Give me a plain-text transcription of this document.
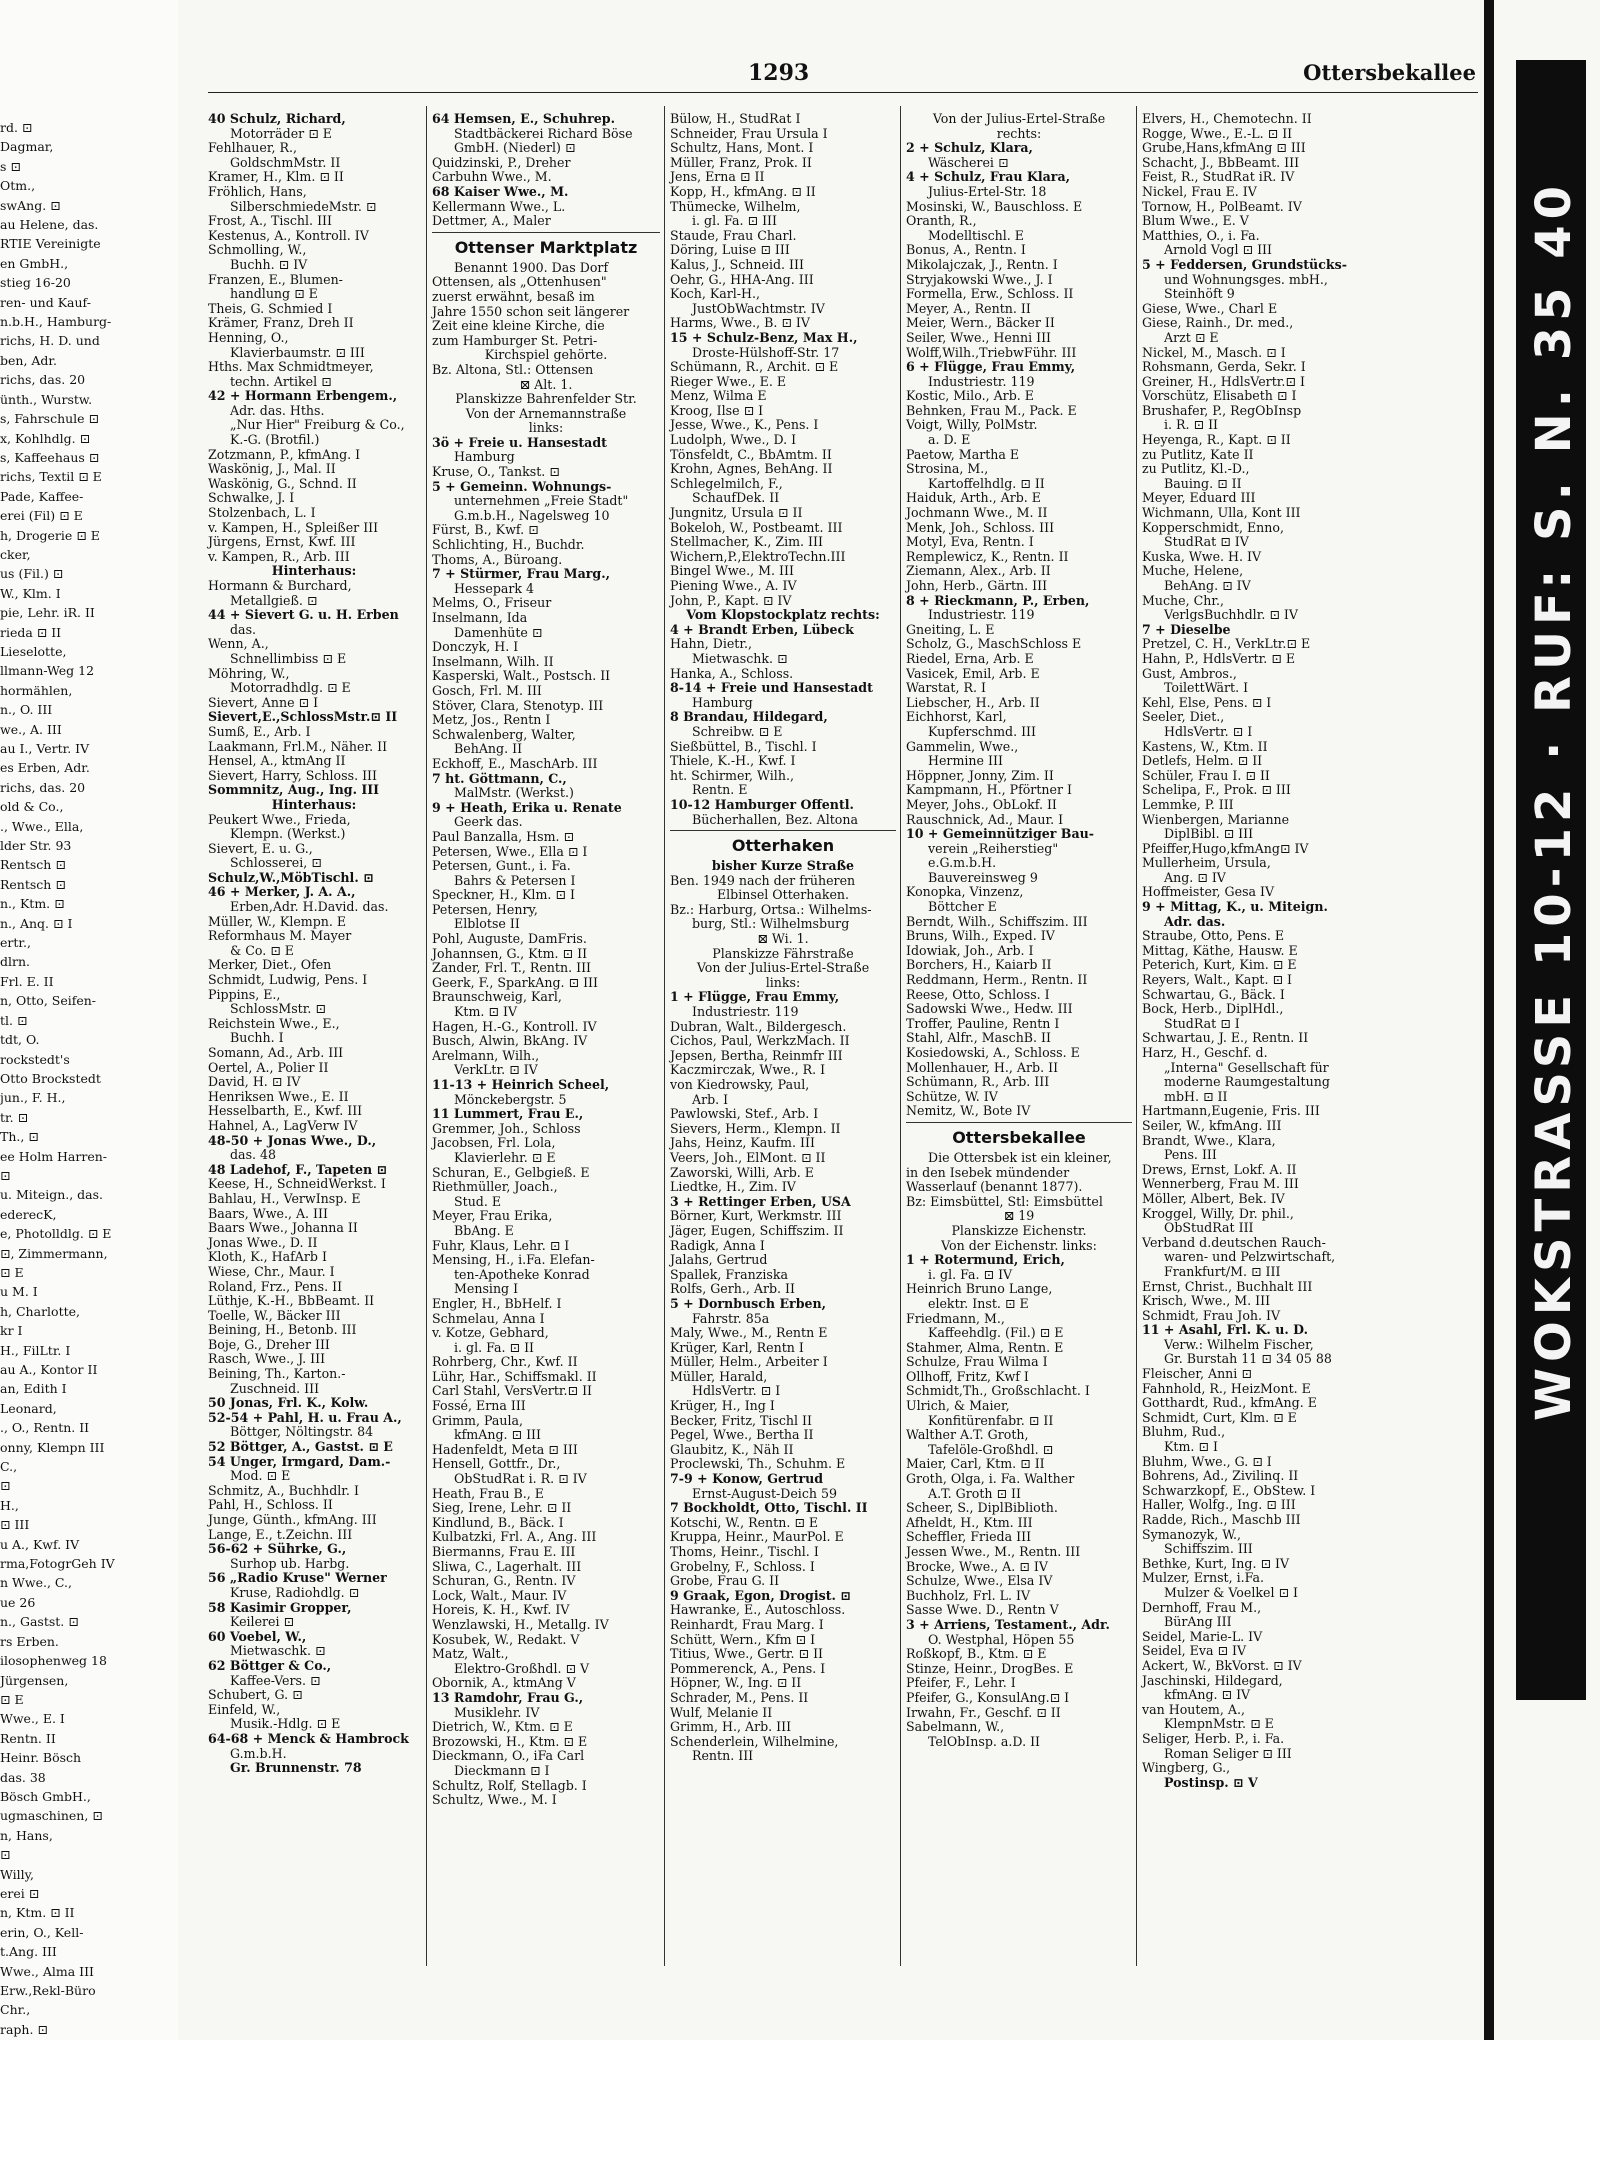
rd. ⊡
Dagmar,
s ⊡
Otm.,
swAng. ⊡
au Helene, das.
RTIE Vereinigte
en GmbH.,
stieg 16-20
ren- und Kauf-
n.b.H., Hamburg-
richs, H. D. und
ben, Adr.
richs, das. 20
ünth., Wurstw.
s, Fahrschule ⊡
x, Kohlhdlg. ⊡
s, Kaffeehaus ⊡
richs, Textil ⊡ E
Pade, Kaffee-
erei (Fil) ⊡ E
h, Drogerie ⊡ E
cker,
us (Fil.) ⊡
W., Klm. I
pie, Lehr. iR. II
rieda ⊡ II
Lieselotte,
llmann-Weg 12
hormählen,
n., O. III
we., A. III
au I., Vertr. IV
es Erben, Adr.
richs, das. 20
old & Co.,
., Wwe., Ella,
lder Str. 93
Rentsch ⊡
Rentsch ⊡
n., Ktm. ⊡
n., Anq. ⊡ I
ertr.,
dlrn.
Frl. E. II
n, Otto, Seifen-
tl. ⊡
tdt, O.
rockstedt's
Otto Brockstedt
jun., F. H.,
tr. ⊡
Th., ⊡
ee Holm Harren-
⊡
u. Miteign., das.
ederecK,
e, Photolldlg. ⊡ E
⊡, Zimmermann,
⊡ E
u M. I
h, Charlotte,
kr I
H., FilLtr. I
au A., Kontor II
an, Edith I
Leonard,
., O., Rentn. II
onny, Klempn III
C.,
⊡
H.,
⊡ III
u A., Kwf. IV
rma,FotogrGeh IV
n Wwe., C.,
ue 26
n., Gastst. ⊡
rs Erben.
ilosophenweg 18
Jürgensen,
⊡ E
Wwe., E. I
Rentn. II
Heinr. Bösch
das. 38
Bösch GmbH.,
ugmaschinen, ⊡
n, Hans,
⊡
Willy,
erei ⊡
n, Ktm. ⊡ II
erin, O., Kell-
t.Ang. III
Wwe., Alma III
Erw.,Rekl-Büro
Chr.,
raph. ⊡
1293	Ottersbekallee
40 Schulz, Richard,
Motorräder ⊡ E
Fehlhauer, R.,
GoldschmMstr. II
Kramer, H., Klm. ⊡ II
Fröhlich, Hans,
SilberschmiedeMstr. ⊡
Frost, A., Tischl. III
Kestenus, A., Kontroll. IV
Schmolling, W.,
Buchh. ⊡ IV
Franzen, E., Blumen-
handlung ⊡ E
Theis, G. Schmied I
Krämer, Franz, Dreh II
Henning, O.,
Klavierbaumstr. ⊡ III
Hths. Max Schmidtmeyer,
techn. Artikel ⊡
42 + Hormann Erbengem.,
Adr. das. Hths.
„Nur Hier" Freiburg & Co.,
K.-G. (Brotfil.)
Zotzmann, P., kfmAng. I
Waskönig, J., Mal. II
Waskönig, G., Schnd. II
Schwalke, J. I
Stolzenbach, L. I
v. Kampen, H., Spleißer III
Jürgens, Ernst, Kwf. III
v. Kampen, R., Arb. III
Hinterhaus:
Hormann & Burchard,
Metallgieß. ⊡
44 + Sievert G. u. H. Erben
das.
Wenn, A.,
Schnellimbiss ⊡ E
Möhring, W.,
Motorradhdlg. ⊡ E
Sievert, Anne ⊡ I
Sievert,E.,SchlossMstr.⊡ II
Sumß, E., Arb. I
Laakmann, Frl.M., Näher. II
Hensel, A., ktmAng II
Sievert, Harry, Schloss. III
Sommnitz, Aug., Ing. III
Hinterhaus:
Peukert Wwe., Frieda,
Klempn. (Werkst.)
Sievert, E. u. G.,
Schlosserei, ⊡
Schulz,W.,MöbTischl. ⊡
46 + Merker, J. A. A.,
Erben,Adr. H.David. das.
Müller, W., Klempn. E
Reformhaus M. Mayer
& Co. ⊡ E
Merker, Diet., Ofen
Schmidt, Ludwig, Pens. I
Pippins, E.,
SchlossMstr. ⊡
Reichstein Wwe., E.,
Buchh. I
Somann, Ad., Arb. III
Oertel, A., Polier II
David, H. ⊡ IV
Henriksen Wwe., E. II
Hesselbarth, E., Kwf. III
Hahnel, A., LagVerw IV
48-50 + Jonas Wwe., D.,
das. 48
48 Ladehof, F., Tapeten ⊡
Keese, H., SchneidWerkst. I
Bahlau, H., VerwInsp. E
Baars, Wwe., A. III
Baars Wwe., Johanna II
Jonas Wwe., D. II
Kloth, K., HafArb I
Wiese, Chr., Maur. I
Roland, Frz., Pens. II
Lüthje, K.-H., BbBeamt. II
Toelle, W., Bäcker III
Beining, H., Betonb. III
Boje, G., Dreher III
Rasch, Wwe., J. III
Beining, Th., Karton.-
Zuschneid. III
50 Jonas, Frl. K., Kolw.
52-54 + Pahl, H. u. Frau A.,
Böttger, Nöltingstr. 84
52 Böttger, A., Gastst. ⊡ E
54 Unger, Irmgard, Dam.-
Mod. ⊡ E
Schmitz, A., Buchhdlr. I
Pahl, H., Schloss. II
Junge, Günth., kfmAng. III
Lange, E., t.Zeichn. III
56-62 + Sührke, G.,
Surhop ub. Harbg.
56 „Radio Kruse" Werner
Kruse, Radiohdlg. ⊡
58 Kasimir Gropper,
Keilerei ⊡
60 Voebel, W.,
Mietwaschk. ⊡
62 Böttger & Co.,
Kaffee-Vers. ⊡
Schubert, G. ⊡
Einfeld, W.,
Musik.-Hdlg. ⊡ E
64-68 + Menck & Hambrock
G.m.b.H.
Gr. Brunnenstr. 78
64 Hemsen, E., Schuhrep.
Stadtbäckerei Richard Böse
GmbH. (Niederl) ⊡
Quidzinski, P., Dreher
Carbuhn Wwe., M.
68 Kaiser Wwe., M.
Kellermann Wwe., L.
Dettmer, A., Maler
Ottenser Marktplatz
Benannt 1900. Das Dorf
Ottensen, als „Ottenhusen"
zuerst erwähnt, besaß im
Jahre 1550 schon seit längerer
Zeit eine kleine Kirche, die
zum Hamburger St. Petri-
Kirchspiel gehörte.
Bz. Altona, Stl.: Ottensen
⊠ Alt. 1.
Planskizze Bahrenfelder Str.
Von der Arnemannstraße
links:
3ö + Freie u. Hansestadt
Hamburg
Kruse, O., Tankst. ⊡
5 + Gemeinn. Wohnungs-
unternehmen „Freie Stadt"
G.m.b.H., Nagelsweg 10
Fürst, B., Kwf. ⊡
Schlichting, H., Buchdr.
Thoms, A., Büroang.
7 + Stürmer, Frau Marg.,
Hessepark 4
Melms, O., Friseur
Inselmann, Ida
Damenhüte ⊡
Donczyk, H. I
Inselmann, Wilh. II
Kasperski, Walt., Postsch. II
Gosch, Frl. M. III
Stöver, Clara, Stenotyp. III
Metz, Jos., Rentn I
Schwalenberg, Walter,
BehAng. II
Eckhoff, E., MaschArb. III
7 ht. Göttmann, C.,
MalMstr. (Werkst.)
9 + Heath, Erika u. Renate
Geerk das.
Paul Banzalla, Hsm. ⊡
Petersen, Wwe., Ella ⊡ I
Petersen, Gunt., i. Fa.
Bahrs & Petersen I
Speckner, H., Klm. ⊡ I
Petersen, Henry,
Elblotse II
Pohl, Auguste, DamFris.
Johannsen, G., Ktm. ⊡ II
Zander, Frl. T., Rentn. III
Geerk, F., SparkAng. ⊡ III
Braunschweig, Karl,
Ktm. ⊡ IV
Hagen, H.-G., Kontroll. IV
Busch, Alwin, BkAng. IV
Arelmann, Wilh.,
VerkLtr. ⊡ IV
11-13 + Heinrich Scheel,
Mönckebergstr. 5
11 Lummert, Frau E.,
Gremmer, Joh., Schloss
Jacobsen, Frl. Lola,
Klavierlehr. ⊡ E
Schuran, E., Gelbgieß. E
Riethmüller, Joach.,
Stud. E
Meyer, Frau Erika,
BbAng. E
Fuhr, Klaus, Lehr. ⊡ I
Mensing, H., i.Fa. Elefan-
ten-Apotheke Konrad
Mensing I
Engler, H., BbHelf. I
Schmelau, Anna I
v. Kotze, Gebhard,
i. gl. Fa. ⊡ II
Rohrberg, Chr., Kwf. II
Lühr, Har., Schiffsmakl. II
Carl Stahl, VersVertr.⊡ II
Fossé, Erna III
Grimm, Paula,
kfmAng. ⊡ III
Hadenfeldt, Meta ⊡ III
Hensell, Gottfr., Dr.,
ObStudRat i. R. ⊡ IV
Heath, Frau B., E
Sieg, Irene, Lehr. ⊡ II
Kindlund, B., Bäck. I
Kulbatzki, Frl. A., Ang. III
Biermanns, Frau E. III
Sliwa, C., Lagerhalt. III
Schuran, G., Rentn. IV
Lock, Walt., Maur. IV
Horeis, K. H., Kwf. IV
Wenzlawski, H., Metallg. IV
Kosubek, W., Redakt. V
Matz, Walt.,
Elektro-Großhdl. ⊡ V
Obornik, A., ktmAng V
13 Ramdohr, Frau G.,
Musiklehr. IV
Dietrich, W., Ktm. ⊡ E
Brozowski, H., Ktm. ⊡ E
Dieckmann, O., iFa Carl
Dieckmann ⊡ I
Schultz, Rolf, Stellagb. I
Schultz, Wwe., M. I
Bülow, H., StudRat I
Schneider, Frau Ursula I
Schultz, Hans, Mont. I
Müller, Franz, Prok. II
Jens, Erna ⊡ II
Kopp, H., kfmAng. ⊡ II
Thümecke, Wilhelm,
i. gl. Fa. ⊡ III
Staude, Frau Charl.
Döring, Luise ⊡ III
Kalus, J., Schneid. III
Oehr, G., HHA-Ang. III
Koch, Karl-H.,
JustObWachtmstr. IV
Harms, Wwe., B. ⊡ IV
15 + Schulz-Benz, Max H.,
Droste-Hülshoff-Str. 17
Schümann, R., Archit. ⊡ E
Rieger Wwe., E. E
Menz, Wilma E
Kroog, Ilse ⊡ I
Jesse, Wwe., K., Pens. I
Ludolph, Wwe., D. I
Tönsfeldt, C., BbAmtm. II
Krohn, Agnes, BehAng. II
Schlegelmilch, F.,
SchaufDek. II
Jungnitz, Ursula ⊡ II
Bokeloh, W., Postbeamt. III
Stellmacher, K., Zim. III
Wichern,P.,ElektroTechn.III
Bingel Wwe., M. III
Piening Wwe., A. IV
John, P., Kapt. ⊡ IV
Vom Klopstockplatz rechts:
4 + Brandt Erben, Lübeck
Hahn, Dietr.,
Mietwaschk. ⊡
Hanka, A., Schloss.
8-14 + Freie und Hansestadt
Hamburg
8 Brandau, Hildegard,
Schreibw. ⊡ E
Sießbüttel, B., Tischl. I
Thiele, K.-H., Kwf. I
ht. Schirmer, Wilh.,
Rentn. E
10-12 Hamburger Offentl.
Bücherhallen, Bez. Altona
Otterhaken
bisher Kurze Straße
Ben. 1949 nach der früheren
Elbinsel Otterhaken.
Bz.: Harburg, Ortsa.: Wilhelms-
burg, Stl.: Wilhelmsburg
⊠ Wi. 1.
Planskizze Fährstraße
Von der Julius-Ertel-Straße
links:
1 + Flügge, Frau Emmy,
Industriestr. 119
Dubran, Walt., Bildergesch.
Cichos, Paul, WerkzMach. II
Jepsen, Bertha, Reinmfr III
Kaczmirczak, Wwe., R. I
von Kiedrowsky, Paul,
Arb. I
Pawlowski, Stef., Arb. I
Sievers, Herm., Klempn. II
Jahs, Heinz, Kaufm. III
Veers, Joh., ElMont. ⊡ II
Zaworski, Willi, Arb. E
Liedtke, H., Zim. IV
3 + Rettinger Erben, USA
Börner, Kurt, Werkmstr. III
Jäger, Eugen, Schiffszim. II
Radigk, Anna I
Jalahs, Gertrud
Spallek, Franziska
Rolfs, Gerh., Arb. II
5 + Dornbusch Erben,
Fahrstr. 85a
Maly, Wwe., M., Rentn E
Krüger, Karl, Rentn I
Müller, Helm., Arbeiter I
Müller, Harald,
HdlsVertr. ⊡ I
Krüger, H., Ing I
Becker, Fritz, Tischl II
Pegel, Wwe., Bertha II
Glaubitz, K., Näh II
Proclewski, Th., Schuhm. E
7-9 + Konow, Gertrud
Ernst-August-Deich 59
7 Bockholdt, Otto, Tischl. II
Kotschi, W., Rentn. ⊡ E
Kruppa, Heinr., MaurPol. E
Thoms, Heinr., Tischl. I
Grobelny, F., Schloss. I
Grobe, Frau G. II
9 Graak, Egon, Drogist. ⊡
Hawranke, E., Autoschloss.
Reinhardt, Frau Marg. I
Schütt, Wern., Kfm ⊡ I
Titius, Wwe., Gertr. ⊡ II
Pommerenck, A., Pens. I
Höpner, W., Ing. ⊡ II
Schrader, M., Pens. II
Wulf, Melanie II
Grimm, H., Arb. III
Schenderlein, Wilhelmine,
Rentn. III
Von der Julius-Ertel-Straße
rechts:
2 + Schulz, Klara,
Wäscherei ⊡
4 + Schulz, Frau Klara,
Julius-Ertel-Str. 18
Mosinski, W., Bauschloss. E
Oranth, R.,
Modelltischl. E
Bonus, A., Rentn. I
Mikolajczak, J., Rentn. I
Stryjakowski Wwe., J. I
Formella, Erw., Schloss. II
Meyer, A., Rentn. II
Meier, Wern., Bäcker II
Seiler, Wwe., Henni III
Wolff,Wilh.,TriebwFühr. III
6 + Flügge, Frau Emmy,
Industriestr. 119
Kostic, Milo., Arb. E
Behnken, Frau M., Pack. E
Voigt, Willy, PolMstr.
a. D. E
Paetow, Martha E
Strosina, M.,
Kartoffelhdlg. ⊡ II
Haiduk, Arth., Arb. E
Jochmann Wwe., M. II
Menk, Joh., Schloss. III
Motyl, Eva, Rentn. I
Remplewicz, K., Rentn. II
Ziemann, Alex., Arb. II
John, Herb., Gärtn. III
8 + Rieckmann, P., Erben,
Industriestr. 119
Gneiting, L. E
Scholz, G., MaschSchloss E
Riedel, Erna, Arb. E
Vasicek, Emil, Arb. E
Warstat, R. I
Liebscher, H., Arb. II
Eichhorst, Karl,
Kupferschmd. III
Gammelin, Wwe.,
Hermine III
Höppner, Jonny, Zim. II
Kampmann, H., Pförtner I
Meyer, Johs., ObLokf. II
Rauschnick, Ad., Maur. I
10 + Gemeinnütziger Bau-
verein „Reiherstieg"
e.G.m.b.H.
Bauvereinsweg 9
Konopka, Vinzenz,
Böttcher E
Berndt, Wilh., Schiffszim. III
Bruns, Wilh., Exped. IV
Idowiak, Joh., Arb. I
Borchers, H., Kaiarb II
Reddmann, Herm., Rentn. II
Reese, Otto, Schloss. I
Sadowski Wwe., Hedw. III
Troffer, Pauline, Rentn I
Stahl, Alfr., MaschB. II
Kosiedowski, A., Schloss. E
Mollenhauer, H., Arb. II
Schümann, R., Arb. III
Schütze, W. IV
Nemitz, W., Bote IV
Ottersbekallee
Die Ottersbek ist ein kleiner,
in den Isebek mündender
Wasserlauf (benannt 1877).
Bz: Eimsbüttel, Stl: Eimsbüttel
⊠ 19
Planskizze Eichenstr.
Von der Eichenstr. links:
1 + Rotermund, Erich,
i. gl. Fa. ⊡ IV
Heinrich Bruno Lange,
elektr. Inst. ⊡ E
Friedmann, M.,
Kaffeehdlg. (Fil.) ⊡ E
Stahmer, Alma, Rentn. E
Schulze, Frau Wilma I
Ollhoff, Fritz, Kwf I
Schmidt,Th., Großschlacht. I
Ulrich, & Maier,
Konfitürenfabr. ⊡ II
Walther A.T. Groth,
Tafelöle-Großhdl. ⊡
Maier, Carl, Ktm. ⊡ II
Groth, Olga, i. Fa. Walther
A.T. Groth ⊡ II
Scheer, S., DiplBiblioth.
Afheldt, H., Ktm. III
Scheffler, Frieda III
Jessen Wwe., M., Rentn. III
Brocke, Wwe., A. ⊡ IV
Schulze, Wwe., Elsa IV
Buchholz, Frl. L. IV
Sasse Wwe. D., Rentn V
3 + Arriens, Testament., Adr.
O. Westphal, Höpen 55
Roßkopf, B., Ktm. ⊡ E
Stinze, Heinr., DrogBes. E
Pfeifer, F., Lehr. I
Pfeifer, G., KonsulAng.⊡ I
Irwahn, Fr., Geschf. ⊡ II
Sabelmann, W.,
TelObInsp. a.D. II
Elvers, H., Chemotechn. II
Rogge, Wwe., E.-L. ⊡ II
Grube,Hans,kfmAng ⊡ III
Schacht, J., BbBeamt. III
Feist, R., StudRat iR. IV
Nickel, Frau E. IV
Tornow, H., PolBeamt. IV
Blum Wwe., E. V
Matthies, O., i. Fa.
Arnold Vogl ⊡ III
5 + Feddersen, Grundstücks-
und Wohnungsges. mbH.,
Steinhöft 9
Giese, Wwe., Charl E
Giese, Rainh., Dr. med.,
Arzt ⊡ E
Nickel, M., Masch. ⊡ I
Rohsmann, Gerda, Sekr. I
Greiner, H., HdlsVertr.⊡ I
Vorschütz, Elisabeth ⊡ I
Brushafer, P., RegObInsp
i. R. ⊡ II
Heyenga, R., Kapt. ⊡ II
zu Putlitz, Kate II
zu Putlitz, Kl.-D.,
Bauing. ⊡ II
Meyer, Eduard III
Wichmann, Ulla, Kont III
Kopperschmidt, Enno,
StudRat ⊡ IV
Kuska, Wwe. H. IV
Muche, Helene,
BehAng. ⊡ IV
Muche, Chr.,
VerlgsBuchhdlr. ⊡ IV
7 + Dieselbe
Pretzel, C. H., VerkLtr.⊡ E
Hahn, P., HdlsVertr. ⊡ E
Gust, Ambros.,
ToilettWärt. I
Kehl, Else, Pens. ⊡ I
Seeler, Diet.,
HdlsVertr. ⊡ I
Kastens, W., Ktm. II
Detlefs, Helm. ⊡ II
Schüler, Frau I. ⊡ II
Schelipa, F., Prok. ⊡ III
Lemmke, P. III
Wienbergen, Marianne
DiplBibl. ⊡ III
Pfeiffer,Hugo,kfmAng⊡ IV
Mullerheim, Ursula,
Ang. ⊡ IV
Hoffmeister, Gesa IV
9 + Mittag, K., u. Miteign.
Adr. das.
Straube, Otto, Pens. E
Mittag, Käthe, Hausw. E
Peterich, Kurt, Kim. ⊡ E
Reyers, Walt., Kapt. ⊡ I
Schwartau, G., Bäck. I
Bock, Herb., DiplHdl.,
StudRat ⊡ I
Schwartau, J. E., Rentn. II
Harz, H., Geschf. d.
„Interna" Gesellschaft für
moderne Raumgestaltung
mbH. ⊡ II
Hartmann,Eugenie, Fris. III
Seiler, W., kfmAng. III
Brandt, Wwe., Klara,
Pens. III
Drews, Ernst, Lokf. A. II
Wennerberg, Frau M. III
Möller, Albert, Bek. IV
Kroggel, Willy, Dr. phil.,
ObStudRat III
Verband d.deutschen Rauch-
waren- und Pelzwirtschaft,
Frankfurt/M. ⊡ III
Ernst, Christ., Buchhalt III
Krisch, Wwe., M. III
Schmidt, Frau Joh. IV
11 + Asahl, Frl. K. u. D.
Verw.: Wilhelm Fischer,
Gr. Burstah 11 ⊡ 34 05 88
Fleischer, Anni ⊡
Fahnhold, R., HeizMont. E
Gotthardt, Rud., kfmAng. E
Schmidt, Curt, Klm. ⊡ E
Bluhm, Rud.,
Ktm. ⊡ I
Bluhm, Wwe., G. ⊡ I
Bohrens, Ad., Zivilinq. II
Schwarzkopf, E., ObStew. I
Haller, Wolfg., Ing. ⊡ III
Radde, Rich., Maschb III
Symanozyk, W.,
Schiffszim. III
Bethke, Kurt, Ing. ⊡ IV
Mulzer, Ernst, i.Fa.
Mulzer & Voelkel ⊡ I
Dernhoff, Frau M.,
BürAng III
Seidel, Marie-L. IV
Seidel, Eva ⊡ IV
Ackert, W., BkVorst. ⊡ IV
Jaschinski, Hildegard,
kfmAng. ⊡ IV
van Houtem, A.,
KlempnMstr. ⊡ E
Seliger, Herb. P., i. Fa.
Roman Seliger ⊡ III
Wingberg, G.,
Postinsp. ⊡ V
WOKSTRASSE 10-12 · RUF: S. N. 35 40
